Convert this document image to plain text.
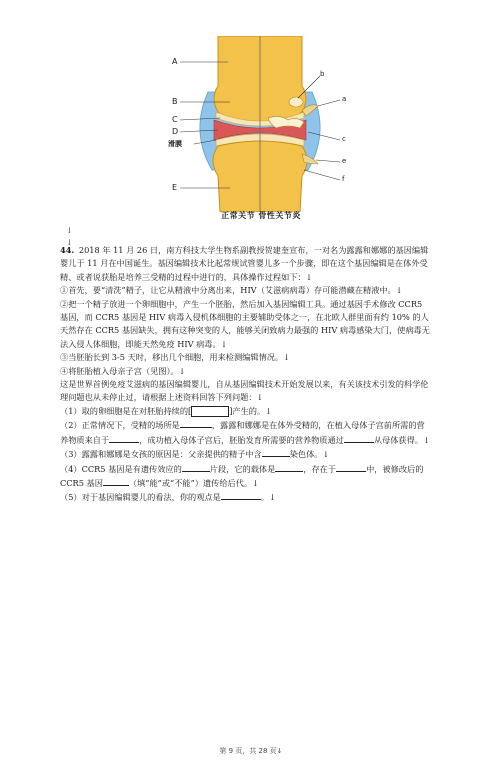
A
B
C
D
滑膜
E
b
a
c
e
f
正常关节 骨性关节炎
↓
↓

44. 2018 年 11 月 26 日，南方科技大学生物系副教授贺建奎宣布，一对名为露露和娜娜的基因编辑婴儿于 11 月在中国诞生。基因编辑技术比起常规试管婴儿多一个步骤，即在这个基因编辑是在体外受精、或者说获胎是培养三受精的过程中进行的，具体操作过程如下：↓

①首先，要“清洗”精子，让它从精液中分离出来，HIV（艾滋病病毒）存可能潜藏在精液中。↓

②把一个精子放进一个卵细胞中，产生一个胚胎，然后加入基因编辑工具。通过基因手术修改 CCR5 基因，而 CCR5 基因是 HIV 病毒入侵机体细胞的主要辅助受体之一，在北欧人群里面有约 10% 的人天然存在 CCR5 基因缺失，拥有这种突变的人，能够关闭致病力最强的 HIV 病毒感染大门，使病毒无法入侵人体细胞，即能天然免疫 HIV 病毒。↓

③当胚胎长到 3-5 天时，移出几个细胞，用来检测编辑情况。↓

④将胚胎植入母亲子宫（见图）。↓

这是世界首例免疫艾滋病的基因编辑婴儿，自从基因编辑技术开始发展以来，有关该技术引发的科学伦理问题也从未停止过，请根据上述资料回答下列问题：↓

（1）取的卵细胞是在对胚胎持续的[	]产生的。↓

（2）正常情况下，受精的场所是	，露露和娜娜是在体外受精的，在植入母体子宫前所需的营养物质来自于	，成功植入母体子宫后，胚胎发育所需要的营养物质通过	从母体获得。↓

（3）露露和娜娜是女孩的原因是：父亲提供的精子中含	染色体。↓

（4）CCR5 基因是有遗传效应的	片段，它的载体是	，存在于	中，被修改后的 CCR5 基因	（填“能”或“不能”）遗传给后代。↓

（5）对于基因编辑婴儿的看法，你的观点是	。↓

第 9 页，共 28 页↓
